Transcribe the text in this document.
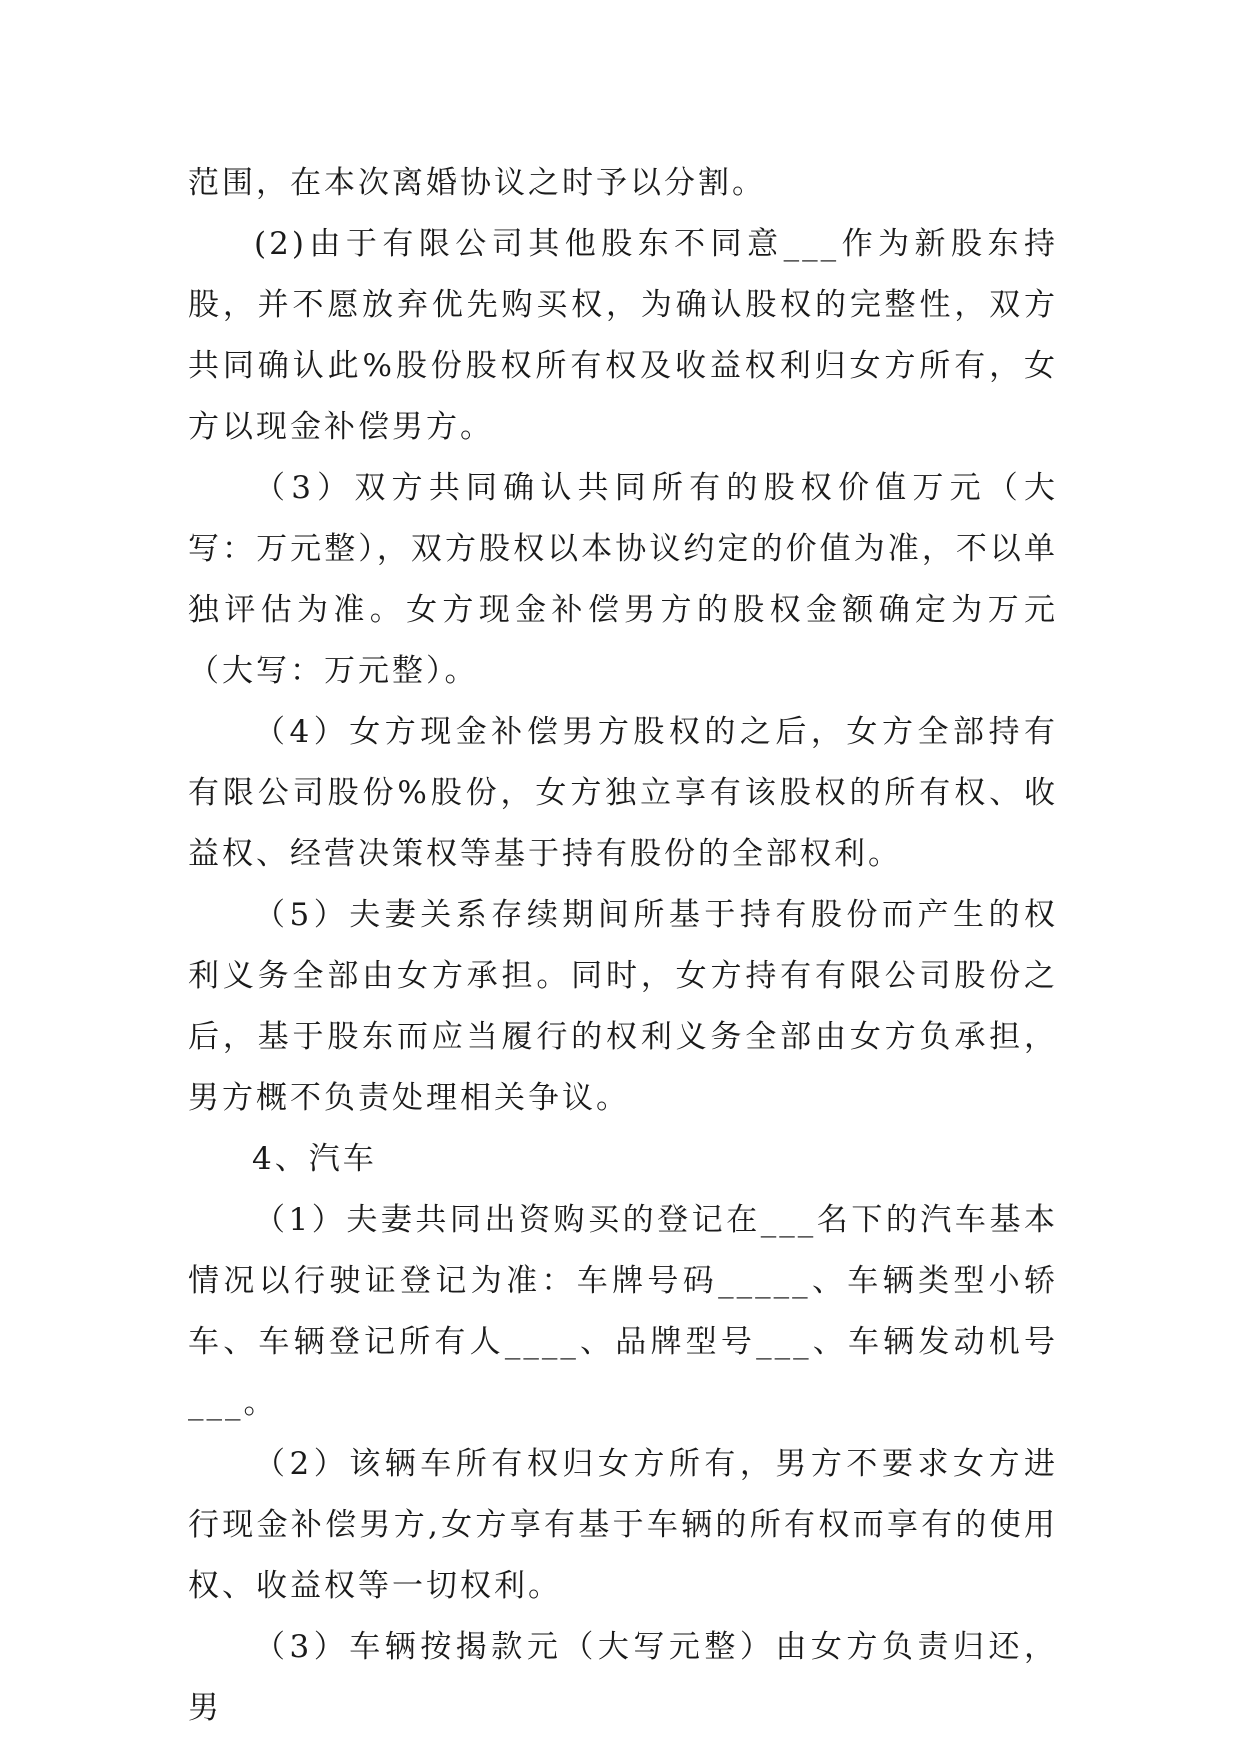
范围，在本次离婚协议之时予以分割。

(2)由于有限公司其他股东不同意___作为新股东持股，并不愿放弃优先购买权，为确认股权的完整性，双方共同确认此%股份股权所有权及收益权利归女方所有，女方以现金补偿男方。

（3）双方共同确认共同所有的股权价值万元（大写：万元整），双方股权以本协议约定的价值为准，不以单独评估为准。女方现金补偿男方的股权金额确定为万元（大写：万元整）。

（4）女方现金补偿男方股权的之后，女方全部持有有限公司股份%股份，女方独立享有该股权的所有权、收益权、经营决策权等基于持有股份的全部权利。

（5）夫妻关系存续期间所基于持有股份而产生的权利义务全部由女方承担。同时，女方持有有限公司股份之后，基于股东而应当履行的权利义务全部由女方负承担，男方概不负责处理相关争议。

4、汽车

（1）夫妻共同出资购买的登记在___名下的汽车基本情况以行驶证登记为准：车牌号码_____、车辆类型小轿车、车辆登记所有人____、品牌型号___、车辆发动机号___。

（2）该辆车所有权归女方所有，男方不要求女方进行现金补偿男方,女方享有基于车辆的所有权而享有的使用权、收益权等一切权利。

（3）车辆按揭款元（大写元整）由女方负责归还，男
